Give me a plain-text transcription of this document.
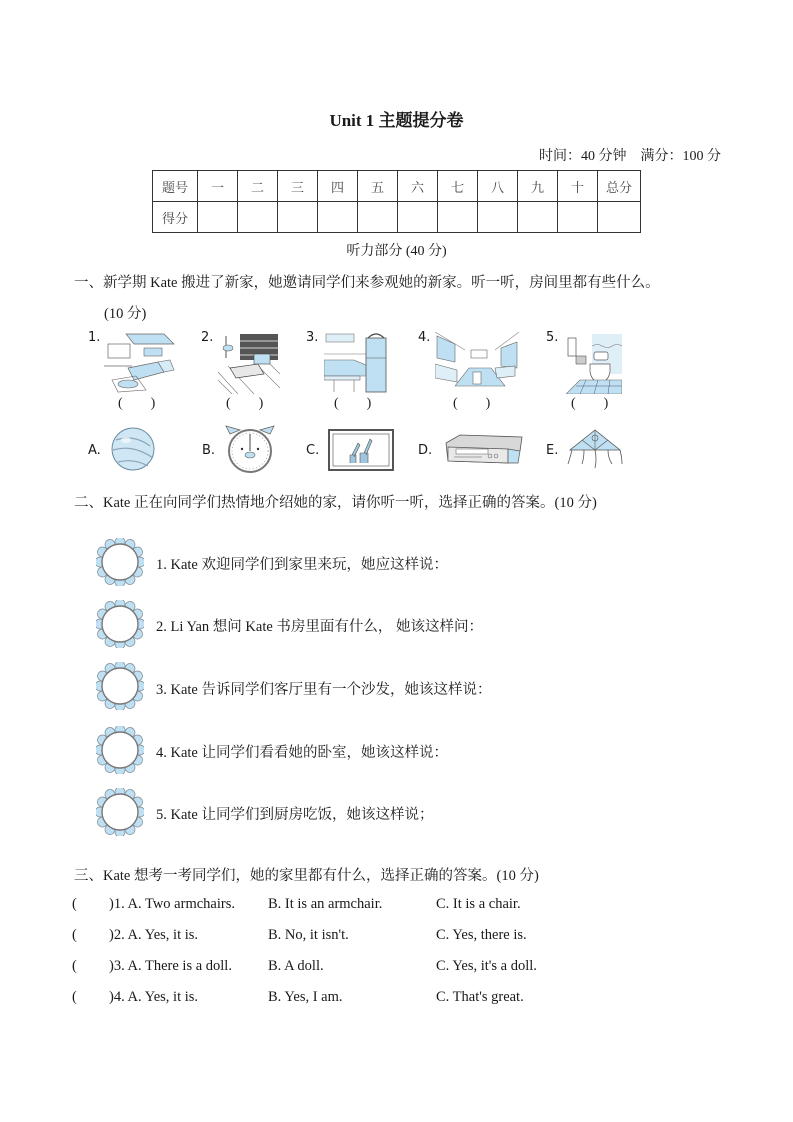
Unit 1 主题提分卷
时间：40 分钟    满分：100 分
题号	一	二	三	四	五	六	七	八	九	十	总分
得分											
听力部分 (40 分)
一、新学期 Kate 搬进了新家，她邀请同学们来参观她的新家。听一听，房间里都有些什么。
(10 分)
1.
(        )
2.
(        )
3.
(        )
4.
(        )
5.
(        )
A.	B.	C.	D.	E.
二、Kate 正在向同学们热情地介绍她的家，请你听一听，选择正确的答案。(10 分)
1. Kate 欢迎同学们到家里来玩，她应这样说：
2. Li Yan 想问 Kate 书房里面有什么， 她该这样问：
3. Kate 告诉同学们客厅里有一个沙发，她该这样说：
4. Kate 让同学们看看她的卧室，她该这样说：
5. Kate 让同学们到厨房吃饭，她该这样说；
三、Kate 想考一考同学们，她的家里都有什么，选择正确的答案。(10 分)
( )1. A. Two armchairs. B. It is an armchair.	C. It is a chair.
( )2. A. Yes, it is.	B. No, it isn't.	C. Yes, there is.
( )3. A. There is a doll. B. A doll.	C. Yes, it's a doll.
( )4. A. Yes, it is.	B. Yes, I am.	C. That's great.
